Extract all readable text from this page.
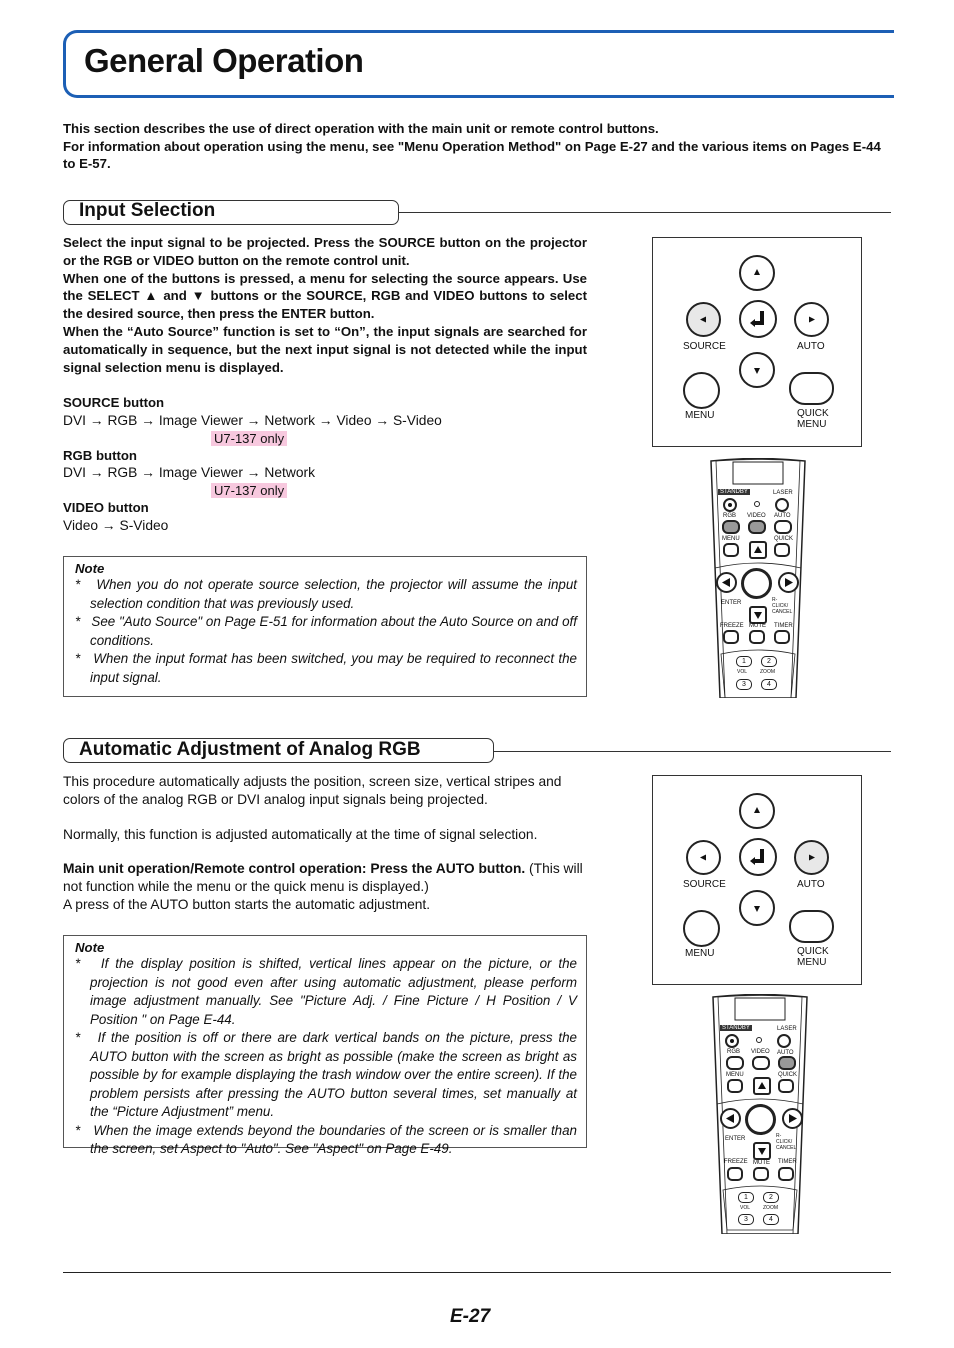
General Operation
This section describes the use of direct operation with the main unit or remote control buttons.
For information about operation using the menu, see "Menu Operation Method" on Page E-27 and the various items on Pages E-44 to E-57.
Input Selection
Select the input signal to be projected. Press the SOURCE button on the projector or the RGB or VIDEO button on the remote control unit.
When one of the buttons is pressed, a menu for selecting the source appears. Use the SELECT ▲ and ▼ buttons or the SOURCE, RGB and VIDEO buttons to select the desired source, then press the ENTER button.
When the “Auto Source” function is set to “On”, the input signals are searched for automatically in sequence, but the next input signal is not detected while the input signal selection menu is displayed.
SOURCE button
DVI → RGB → Image Viewer → Network → Video → S-Video
U7-137 only
RGB button
DVI → RGB → Image Viewer → Network
U7-137 only
VIDEO button
Video → S-Video
Note
*   When you do not operate source selection, the projector will assume the input selection condition that was previously used.
*   See "Auto Source" on Page E-51 for information about the Auto Source on and off conditions.
*   When the input format has been switched, you may be required to reconnect the input signal.
SOURCE	AUTO
MENU	QUICK
MENU
STANDBY	LASER
RGB VIDEO AUTO
MENU	QUICK
ENTER	R-CLICK/
CANCEL
FREEZE MUTE TIMER
1	2
VOL	ZOOM
3	4
Automatic Adjustment of Analog RGB
This procedure automatically adjusts the position, screen size, vertical stripes and colors of the analog RGB or DVI analog input signals being projected.
Normally, this function is adjusted automatically at the time of signal selection.
Main unit operation/Remote control operation: Press the AUTO button. (This will not function while the menu or the quick menu is displayed.)
A press of the AUTO button starts the automatic adjustment.
Note
*   If the display position is shifted, vertical lines appear on the picture, or the projection is not good even after using automatic adjustment, please perform image adjustment manually. See "Picture Adj. / Fine Picture / H Position / V Position " on Page E-44.
*   If the position is off or there are dark vertical bands on the picture, press the AUTO button with the screen as bright as possible (make the screen as bright as possible by for example displaying the trash window over the entire screen). If the problem persists after pressing the AUTO button several times, set manually at the “Picture Adjustment” menu.
*   When the image extends beyond the boundaries of the screen or is smaller than the screen, set Aspect to "Auto". See "Aspect" on Page E-49.
SOURCE	AUTO
MENU	QUICK
MENU
STANDBY	LASER
RGB VIDEO AUTO
MENU	QUICK
ENTER	R-CLICK/
CANCEL
FREEZE MUTE TIMER
1	2
VOL	ZOOM
3	4
E-27
